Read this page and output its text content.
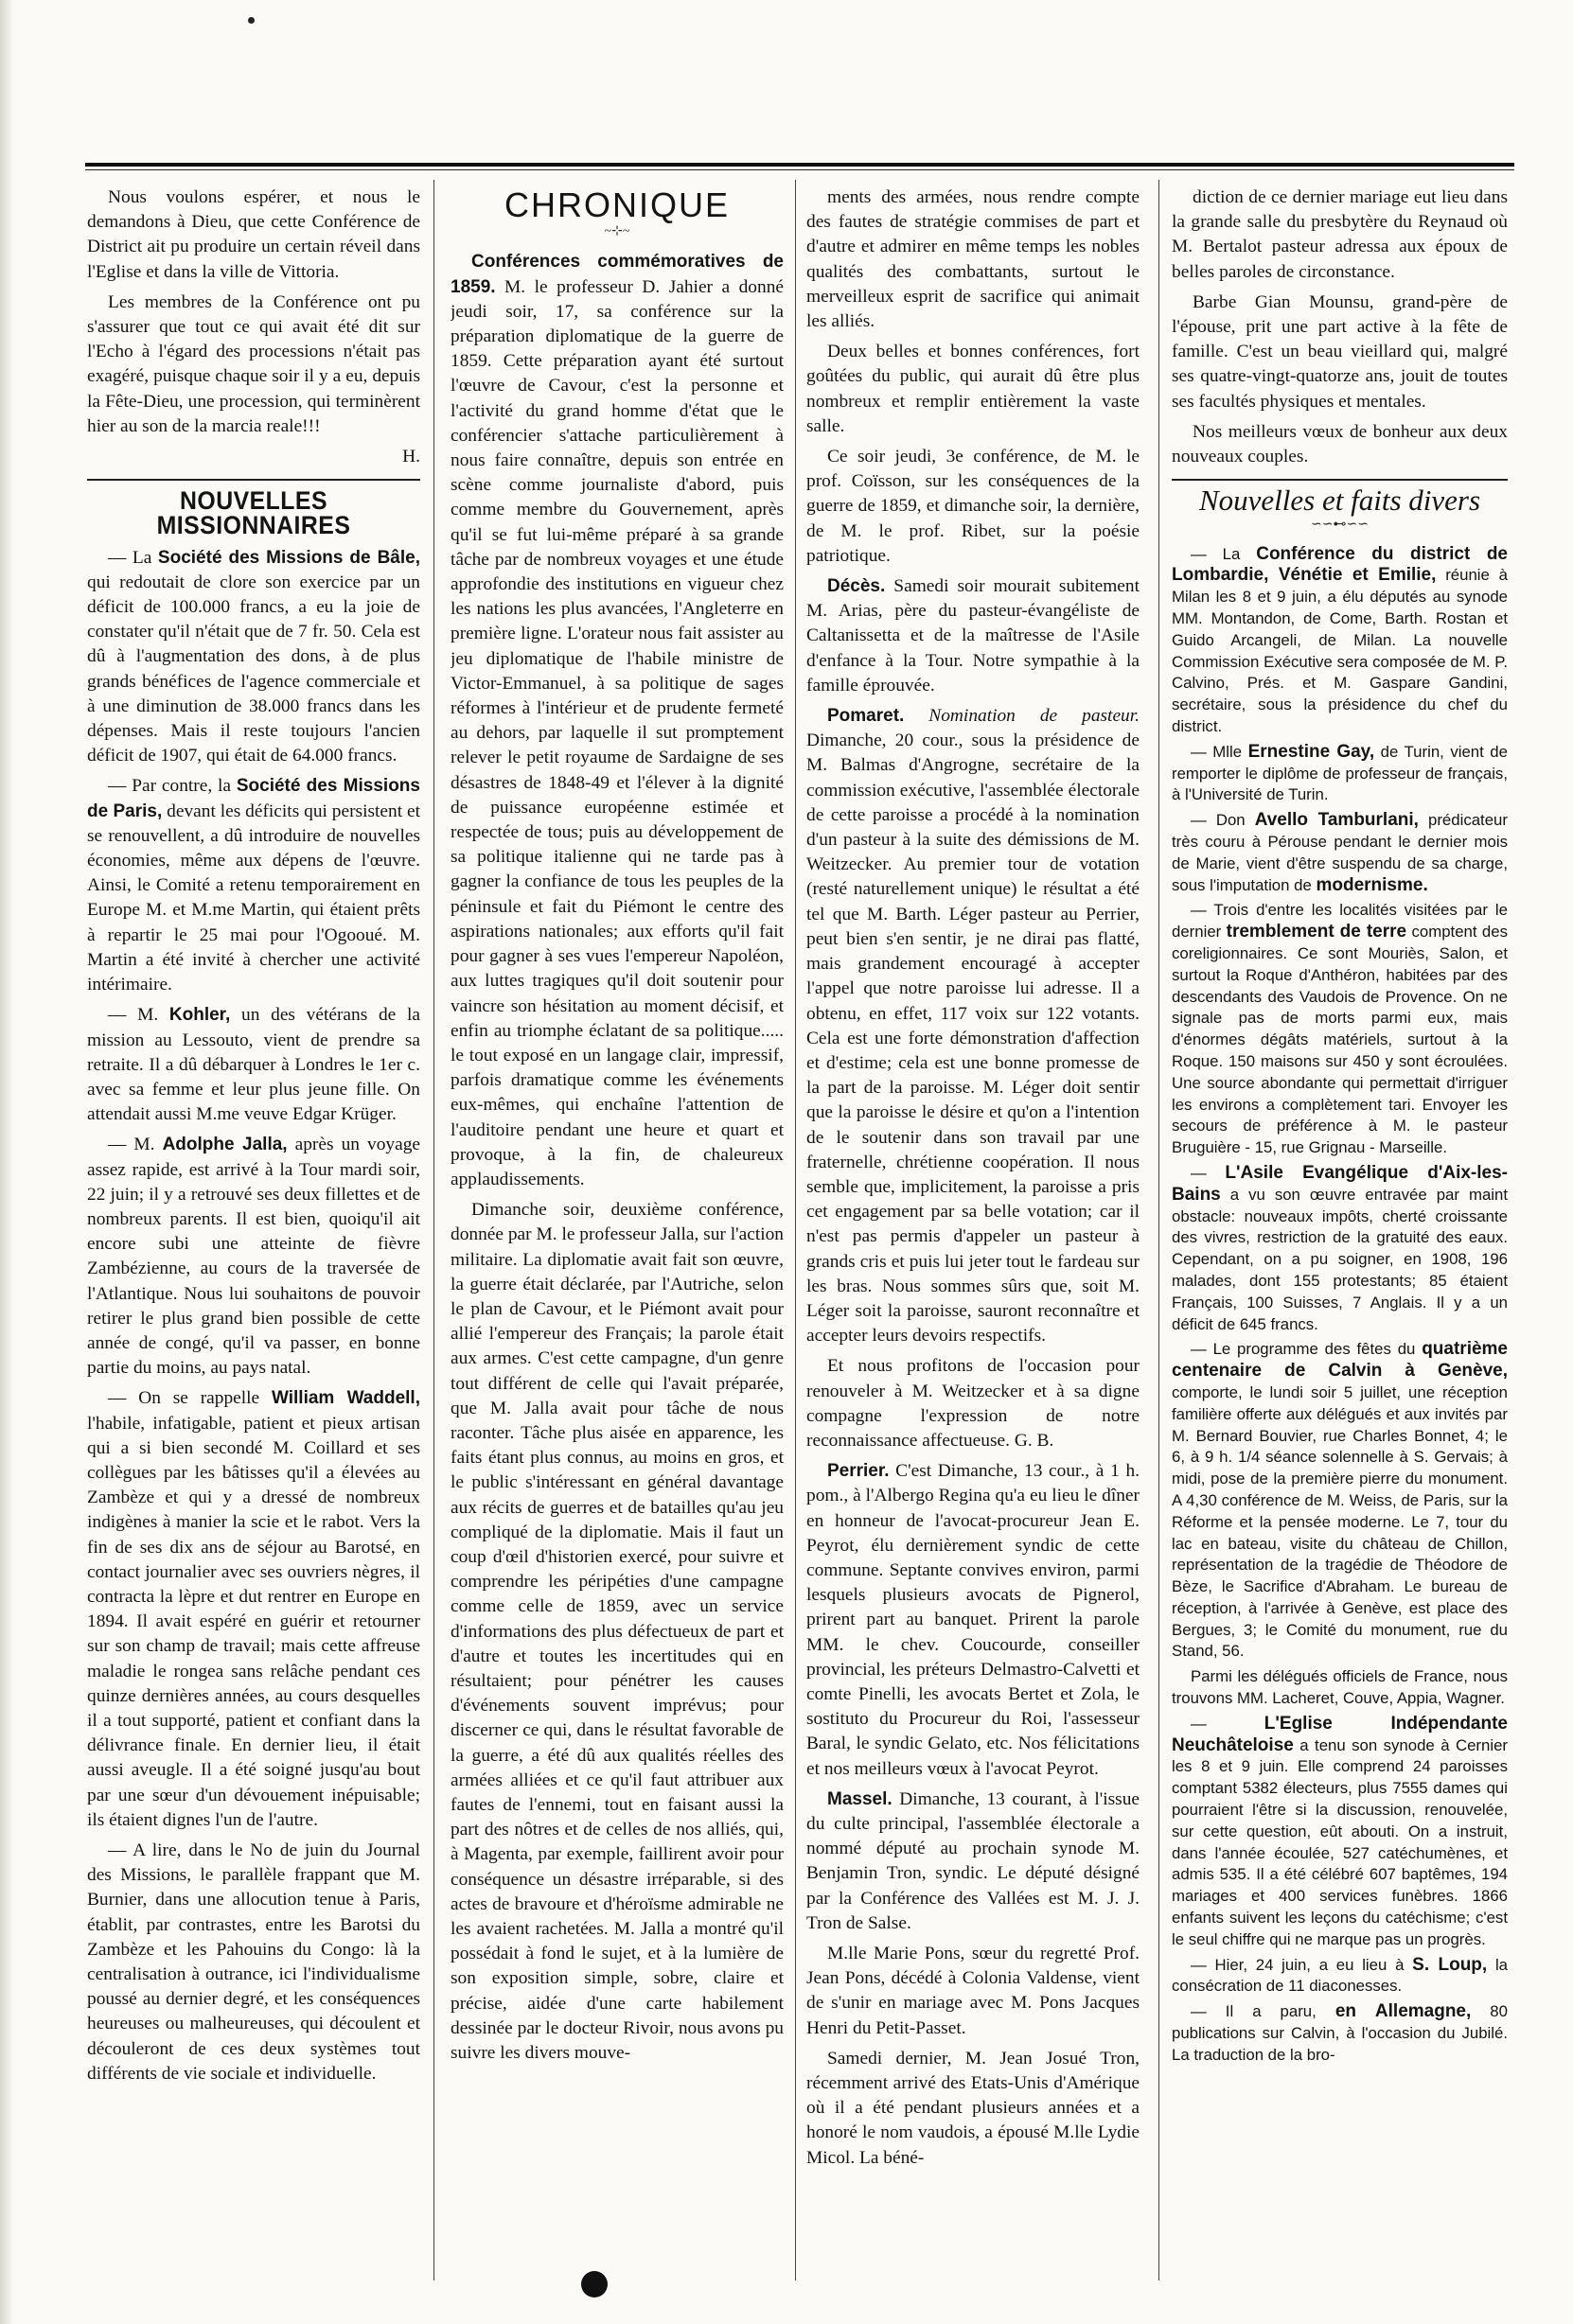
Nous voulons espérer, et nous le demandons à Dieu, que cette Conférence de District ait pu produire un certain réveil dans l'Eglise et dans la ville de Vittoria.

Les membres de la Conférence ont pu s'assurer que tout ce qui avait été dit sur l'Echo à l'égard des processions n'était pas exagéré, puisque chaque soir il y a eu, depuis la Fête-Dieu, une procession, qui terminèrent hier au son de la marcia reale!!!

H.
NOUVELLES MISSIONNAIRES

— La Société des Missions de Bâle, qui redoutait de clore son exercice par un déficit de 100.000 francs, a eu la joie de constater qu'il n'était que de 7 fr. 50. Cela est dû à l'augmentation des dons, à de plus grands bénéfices de l'agence commerciale et à une diminution de 38.000 francs dans les dépenses. Mais il reste toujours l'ancien déficit de 1907, qui était de 64.000 francs.

— Par contre, la Société des Missions de Paris, devant les déficits qui persistent et se renouvellent, a dû introduire de nouvelles économies, même aux dépens de l'œuvre. Ainsi, le Comité a retenu temporairement en Europe M. et M.me Martin, qui étaient prêts à repartir le 25 mai pour l'Ogooué. M. Martin a été invité à chercher une activité intérimaire.

— M. Kohler, un des vétérans de la mission au Lessouto, vient de prendre sa retraite. Il a dû débarquer à Londres le 1er c. avec sa femme et leur plus jeune fille. On attendait aussi M.me veuve Edgar Krüger.

— M. Adolphe Jalla, après un voyage assez rapide, est arrivé à la Tour mardi soir, 22 juin; il y a retrouvé ses deux fillettes et de nombreux parents. Il est bien, quoiqu'il ait encore subi une atteinte de fièvre Zambézienne, au cours de la traversée de l'Atlantique. Nous lui souhaitons de pouvoir retirer le plus grand bien possible de cette année de congé, qu'il va passer, en bonne partie du moins, au pays natal.

— On se rappelle William Waddell, l'habile, infatigable, patient et pieux artisan qui a si bien secondé M. Coillard et ses collègues par les bâtisses qu'il a élevées au Zambèze et qui y a dressé de nombreux indigènes à manier la scie et le rabot. Vers la fin de ses dix ans de séjour au Barotsé, en contact journalier avec ses ouvriers nègres, il contracta la lèpre et dut rentrer en Europe en 1894. Il avait espéré en guérir et retourner sur son champ de travail; mais cette affreuse maladie le rongea sans relâche pendant ces quinze dernières années, au cours desquelles il a tout supporté, patient et confiant dans la délivrance finale. En dernier lieu, il était aussi aveugle. Il a été soigné jusqu'au bout par une sœur d'un dévouement inépuisable; ils étaient dignes l'un de l'autre.

— A lire, dans le No de juin du Journal des Missions, le parallèle frappant que M. Burnier, dans une allocution tenue à Paris, établit, par contrastes, entre les Barotsi du Zambèze et les Pahouins du Congo: là la centralisation à outrance, ici l'individualisme poussé au dernier degré, et les conséquences heureuses ou malheureuses, qui découlent et découleront de ces deux systèmes tout différents de vie sociale et individuelle.

CHRONIQUE
~⊹~

Conférences commémoratives de 1859. M. le professeur D. Jahier a donné jeudi soir, 17, sa conférence sur la préparation diplomatique de la guerre de 1859. Cette préparation ayant été surtout l'œuvre de Cavour, c'est la personne et l'activité du grand homme d'état que le conférencier s'attache particulièrement à nous faire connaître, depuis son entrée en scène comme journaliste d'abord, puis comme membre du Gouvernement, après qu'il se fut lui-même préparé à sa grande tâche par de nombreux voyages et une étude approfondie des institutions en vigueur chez les nations les plus avancées, l'Angleterre en première ligne. L'orateur nous fait assister au jeu diplomatique de l'habile ministre de Victor-Emmanuel, à sa politique de sages réformes à l'intérieur et de prudente fermeté au dehors, par laquelle il sut promptement relever le petit royaume de Sardaigne de ses désastres de 1848-49 et l'élever à la dignité de puissance européenne estimée et respectée de tous; puis au développement de sa politique italienne qui ne tarde pas à gagner la confiance de tous les peuples de la péninsule et fait du Piémont le centre des aspirations nationales; aux efforts qu'il fait pour gagner à ses vues l'empereur Napoléon, aux luttes tragiques qu'il doit soutenir pour vaincre son hésitation au moment décisif, et enfin au triomphe éclatant de sa politique..... le tout exposé en un langage clair, impressif, parfois dramatique comme les événements eux-mêmes, qui enchaîne l'attention de l'auditoire pendant une heure et quart et provoque, à la fin, de chaleureux applaudissements.

Dimanche soir, deuxième conférence, donnée par M. le professeur Jalla, sur l'action militaire. La diplomatie avait fait son œuvre, la guerre était déclarée, par l'Autriche, selon le plan de Cavour, et le Piémont avait pour allié l'empereur des Français; la parole était aux armes. C'est cette campagne, d'un genre tout différent de celle qui l'avait préparée, que M. Jalla avait pour tâche de nous raconter. Tâche plus aisée en apparence, les faits étant plus connus, au moins en gros, et le public s'intéressant en général davantage aux récits de guerres et de batailles qu'au jeu compliqué de la diplomatie. Mais il faut un coup d'œil d'historien exercé, pour suivre et comprendre les péripéties d'une campagne comme celle de 1859, avec un service d'informations des plus défectueux de part et d'autre et toutes les incertitudes qui en résultaient; pour pénétrer les causes d'événements souvent imprévus; pour discerner ce qui, dans le résultat favorable de la guerre, a été dû aux qualités réelles des armées alliées et ce qu'il faut attribuer aux fautes de l'ennemi, tout en faisant aussi la part des nôtres et de celles de nos alliés, qui, à Magenta, par exemple, faillirent avoir pour conséquence un désastre irréparable, si des actes de bravoure et d'héroïsme admirable ne les avaient rachetées. M. Jalla a montré qu'il possédait à fond le sujet, et à la lumière de son exposition simple, sobre, claire et précise, aidée d'une carte habilement dessinée par le docteur Rivoir, nous avons pu suivre les divers mouve-

ments des armées, nous rendre compte des fautes de stratégie commises de part et d'autre et admirer en même temps les nobles qualités des combattants, surtout le merveilleux esprit de sacrifice qui animait les alliés.

Deux belles et bonnes conférences, fort goûtées du public, qui aurait dû être plus nombreux et remplir entièrement la vaste salle.

Ce soir jeudi, 3e conférence, de M. le prof. Coïsson, sur les conséquences de la guerre de 1859, et dimanche soir, la dernière, de M. le prof. Ribet, sur la poésie patriotique.

Décès. Samedi soir mourait subitement M. Arias, père du pasteur-évangéliste de Caltanissetta et de la maîtresse de l'Asile d'enfance à la Tour. Notre sympathie à la famille éprouvée.

Pomaret. Nomination de pasteur. Dimanche, 20 cour., sous la présidence de M. Balmas d'Angrogne, secrétaire de la commission exécutive, l'assemblée électorale de cette paroisse a procédé à la nomination d'un pasteur à la suite des démissions de M. Weitzecker. Au premier tour de votation (resté naturellement unique) le résultat a été tel que M. Barth. Léger pasteur au Perrier, peut bien s'en sentir, je ne dirai pas flatté, mais grandement encouragé à accepter l'appel que notre paroisse lui adresse. Il a obtenu, en effet, 117 voix sur 122 votants. Cela est une forte démonstration d'affection et d'estime; cela est une bonne promesse de la part de la paroisse. M. Léger doit sentir que la paroisse le désire et qu'on a l'intention de le soutenir dans son travail par une fraternelle, chrétienne coopération. Il nous semble que, implicitement, la paroisse a pris cet engagement par sa belle votation; car il n'est pas permis d'appeler un pasteur à grands cris et puis lui jeter tout le fardeau sur les bras. Nous sommes sûrs que, soit M. Léger soit la paroisse, sauront reconnaître et accepter leurs devoirs respectifs.

Et nous profitons de l'occasion pour renouveler à M. Weitzecker et à sa digne compagne l'expression de notre reconnaissance affectueuse. G. B.

Perrier. C'est Dimanche, 13 cour., à 1 h. pom., à l'Albergo Regina qu'a eu lieu le dîner en honneur de l'avocat-procureur Jean E. Peyrot, élu dernièrement syndic de cette commune. Septante convives environ, parmi lesquels plusieurs avocats de Pignerol, prirent part au banquet. Prirent la parole MM. le chev. Coucourde, conseiller provincial, les préteurs Delmastro-Calvetti et comte Pinelli, les avocats Bertet et Zola, le sostituto du Procureur du Roi, l'assesseur Baral, le syndic Gelato, etc. Nos félicitations et nos meilleurs vœux à l'avocat Peyrot.

Massel. Dimanche, 13 courant, à l'issue du culte principal, l'assemblée électorale a nommé député au prochain synode M. Benjamin Tron, syndic. Le député désigné par la Conférence des Vallées est M. J. J. Tron de Salse.

M.lle Marie Pons, sœur du regretté Prof. Jean Pons, décédé à Colonia Valdense, vient de s'unir en mariage avec M. Pons Jacques Henri du Petit-Passet.

Samedi dernier, M. Jean Josué Tron, récemment arrivé des Etats-Unis d'Amérique où il a été pendant plusieurs années et a honoré le nom vaudois, a épousé M.lle Lydie Micol. La béné-

diction de ce dernier mariage eut lieu dans la grande salle du presbytère du Reynaud où M. Bertalot pasteur adressa aux époux de belles paroles de circonstance.

Barbe Gian Mounsu, grand-père de l'épouse, prit une part active à la fête de famille. C'est un beau vieillard qui, malgré ses quatre-vingt-quatorze ans, jouit de toutes ses facultés physiques et mentales.

Nos meilleurs vœux de bonheur aux deux nouveaux couples.

Nouvelles et faits divers
∽∽⊷∽∽

— La Conférence du district de Lombardie, Vénétie et Emilie, réunie à Milan les 8 et 9 juin, a élu députés au synode MM. Montandon, de Come, Barth. Rostan et Guido Arcangeli, de Milan. La nouvelle Commission Exécutive sera composée de M. P. Calvino, Prés. et M. Gaspare Gandini, secrétaire, sous la présidence du chef du district.

— Mlle Ernestine Gay, de Turin, vient de remporter le diplôme de professeur de français, à l'Université de Turin.

— Don Avello Tamburlani, prédicateur très couru à Pérouse pendant le dernier mois de Marie, vient d'être suspendu de sa charge, sous l'imputation de modernisme.

— Trois d'entre les localités visitées par le dernier tremblement de terre comptent des coreligionnaires. Ce sont Mouriès, Salon, et surtout la Roque d'Anthéron, habitées par des descendants des Vaudois de Provence. On ne signale pas de morts parmi eux, mais d'énormes dégâts matériels, surtout à la Roque. 150 maisons sur 450 y sont écroulées. Une source abondante qui permettait d'irriguer les environs a complètement tari. Envoyer les secours de préférence à M. le pasteur Bruguière - 15, rue Grignau - Marseille.

— L'Asile Evangélique d'Aix-les-Bains a vu son œuvre entravée par maint obstacle: nouveaux impôts, cherté croissante des vivres, restriction de la gratuité des eaux. Cependant, on a pu soigner, en 1908, 196 malades, dont 155 protestants; 85 étaient Français, 100 Suisses, 7 Anglais. Il y a un déficit de 645 francs.

— Le programme des fêtes du quatrième centenaire de Calvin à Genève, comporte, le lundi soir 5 juillet, une réception familière offerte aux délégués et aux invités par M. Bernard Bouvier, rue Charles Bonnet, 4; le 6, à 9 h. 1/4 séance solennelle à S. Gervais; à midi, pose de la première pierre du monument. A 4,30 conférence de M. Weiss, de Paris, sur la Réforme et la pensée moderne. Le 7, tour du lac en bateau, visite du château de Chillon, représentation de la tragédie de Théodore de Bèze, le Sacrifice d'Abraham. Le bureau de réception, à l'arrivée à Genève, est place des Bergues, 3; le Comité du monument, rue du Stand, 56.

Parmi les délégués officiels de France, nous trouvons MM. Lacheret, Couve, Appia, Wagner.

—	L'Eglise Indépendante Neuchâteloise a tenu son synode à Cernier les 8 et 9 juin. Elle comprend 24 paroisses comptant 5382 électeurs, plus 7555 dames qui pourraient l'être si la discussion, renouvelée, sur cette question, eût abouti. On a instruit, dans l'année écoulée, 527 catéchumènes, et admis 535. Il a été célébré 607 baptêmes, 194 mariages et 400 services funèbres. 1866 enfants suivent les leçons du catéchisme; c'est le seul chiffre qui ne marque pas un progrès.

— Hier, 24 juin, a eu lieu à S. Loup, la consécration de 11 diaconesses.

— Il a paru, en Allemagne, 80 publications sur Calvin, à l'occasion du Jubilé. La traduction de la bro-
